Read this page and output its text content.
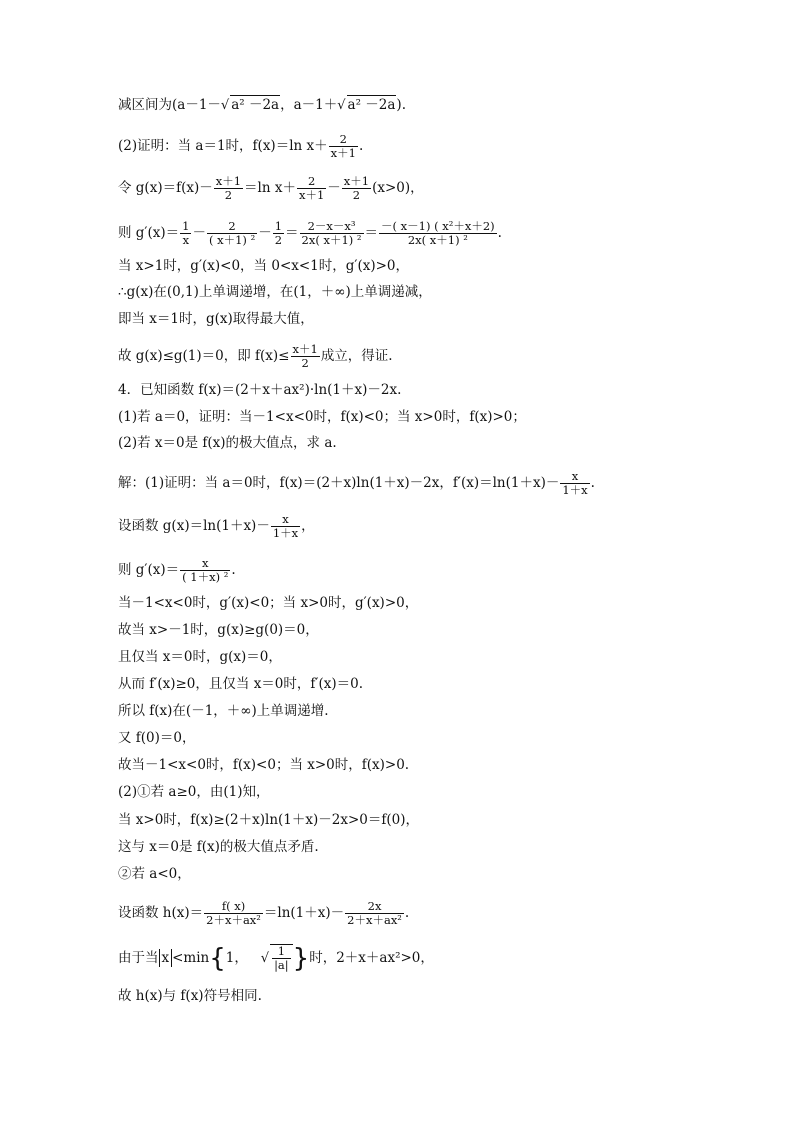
减区间为(a－1－√ a² －2a，a－1＋√ a² －2a).
(2)证明：当 a＝1时，f(x)＝ln $x+ \frac{2}{x+1}$ .
令 $g(x)=f(x)- \frac{x+1}{2} =\ln$ $x+ \frac{2}{x+1} - \frac{x+1}{2} (x>0)$，
则 $g'(x)= \frac{1}{x} - \frac{2}{\text{( x＋1) ²}} - \frac{1}{2} = \frac{\text{2－x－x³}}{\text{2x( x＋1) ²}} = \frac{\text{－( x－1) ( x²＋x＋2)}}{\text{2x( x＋1) ²}}$ .
当 x>1时，g′(x)<0，当 0<x<1时，g′(x)>0，
∴g(x)在(0,1)上单调递增，在(1，＋∞)上单调递减，
即当 x＝1时，g(x)取得最大值，
故 g(x)≤g(1)＝0，即 $f(x)\le \frac{x+1}{2}$ 成立，得证.
4．已知函数 f(x)＝(2＋x＋ax²)·ln(1＋x)－2x.
(1)若 a＝0，证明：当－1<x<0时，f(x)<0；当 x>0时，f(x)>0；
(2)若 x＝0是 f(x)的极大值点，求 a.
解：(1)证明：当 a＝0时，f(x)＝(2＋x)ln(1＋x)－2x，$f'(x)=\ln(1+x)- \frac{x}{1+x}$ .
设函数 $g(x)=\ln(1+x)- \frac{x}{1+x}$ ，
则 $g'(x)= \frac{x}{\text{( 1＋x) ²}}$ .
当－1<x<0时，g′(x)<0；当 x>0时，g′(x)>0，
故当 x>－1时，g(x)≥g(0)＝0，
且仅当 x＝0时，g(x)＝0，
从而 f′(x)≥0，且仅当 x＝0时，f′(x)＝0.
所以 f(x)在(－1，＋∞)上单调递增.
又 f(0)＝0，
故当－1<x<0时，f(x)<0；当 x>0时，f(x)>0.
(2)①若 a≥0，由(1)知，
当 x>0时，f(x)≥(2＋x)ln(1＋x)－2x>0＝f(0)，
这与 x＝0是 f(x)的极大值点矛盾.
②若 a<0，
设函数 $h(x)= \frac{f( x)}{\text{2＋x＋ax²}} =\ln(1+x)- \frac{2x}{\text{2＋x＋ax²}}$ .
由于当 x <min{1， √ $\frac{1}{|a|}$ }时，2＋x＋ax²>0，
故 h(x)与 f(x)符号相同.
